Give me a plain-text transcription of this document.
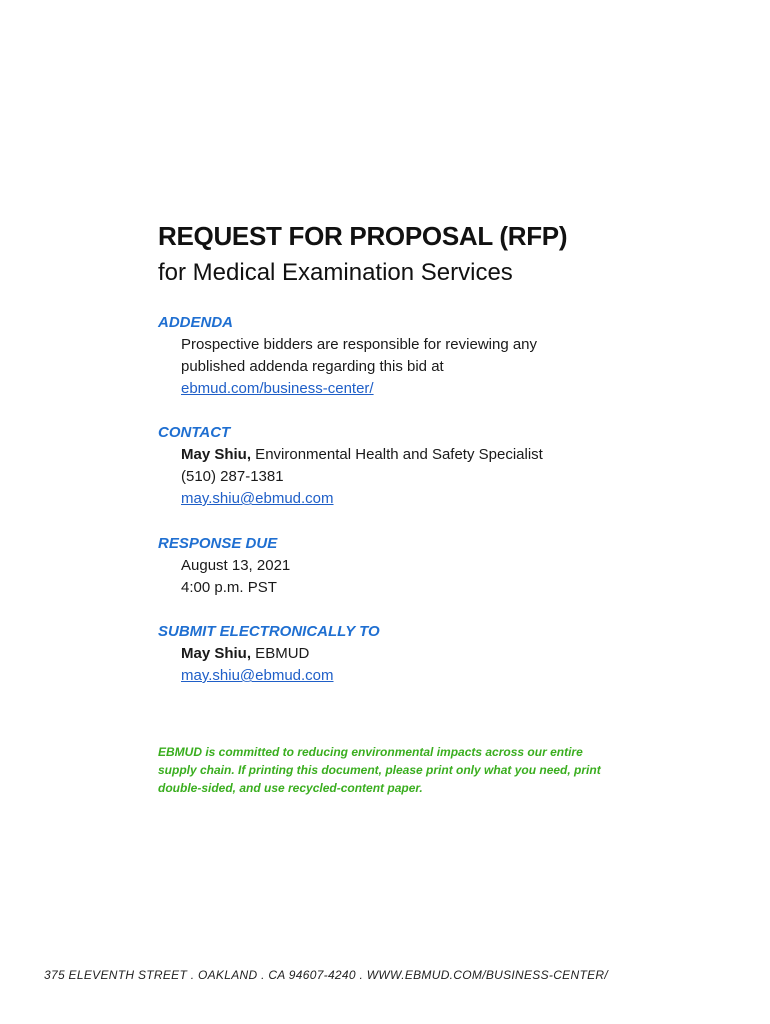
REQUEST FOR PROPOSAL (RFP)
for Medical Examination Services
ADDENDA
Prospective bidders are responsible for reviewing any
published addenda regarding this bid at
ebmud.com/business-center/
CONTACT
May Shiu, Environmental Health and Safety Specialist
(510) 287-1381
may.shiu@ebmud.com
RESPONSE DUE
August 13, 2021
4:00 p.m. PST
SUBMIT ELECTRONICALLY TO
May Shiu, EBMUD
may.shiu@ebmud.com
EBMUD is committed to reducing environmental impacts across our entire
supply chain. If printing this document, please print only what you need, print
double-sided, and use recycled-content paper.
375 ELEVENTH STREET . OAKLAND . CA 94607-4240 . WWW.EBMUD.COM/BUSINESS-CENTER/
